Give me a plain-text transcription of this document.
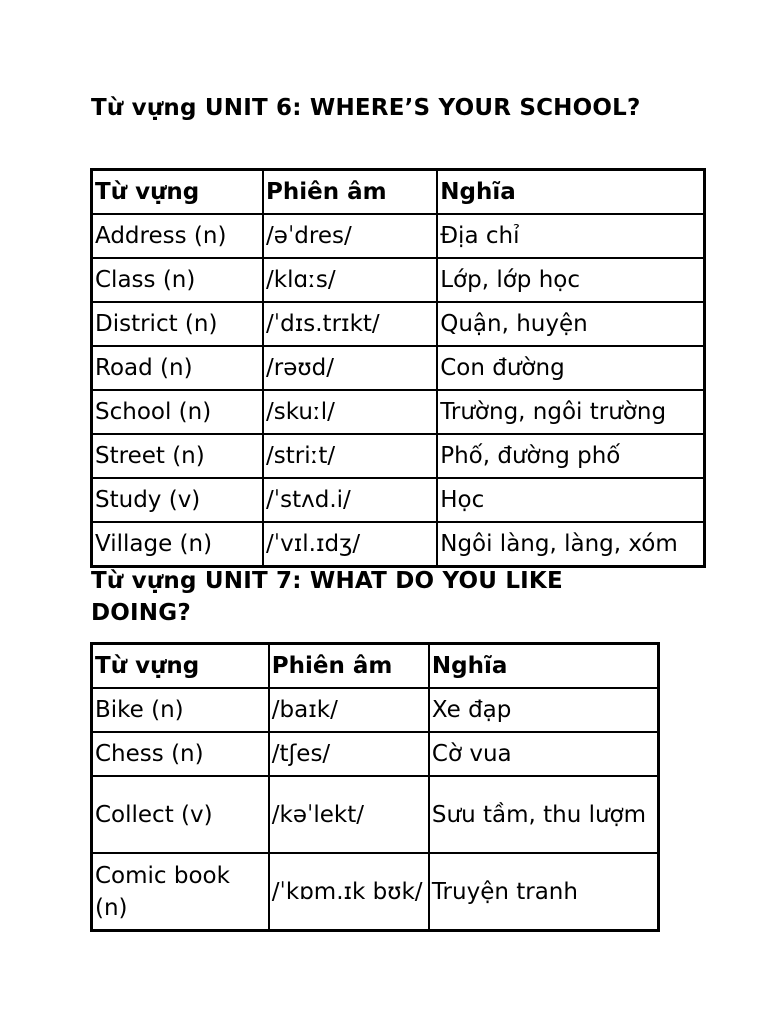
Từ vựng UNIT 6: WHERE’S YOUR SCHOOL?
Từ vựng	Phiên âm	Nghĩa
Address (n)	/əˈdres/	Địa chỉ
Class (n)	/klɑːs/	Lớp, lớp học
District (n)	/ˈdɪs.trɪkt/	Quận, huyện
Road (n)	/rəʊd/	Con đường
School (n)	/skuːl/	Trường, ngôi trường
Street (n)	/striːt/	Phố, đường phố
Study (v)	/ˈstʌd.i/	Học
Village (n)	/ˈvɪl.ɪdʒ/	Ngôi làng, làng, xóm
Từ vựng UNIT 7: WHAT DO YOU LIKE DOING?
Từ vựng	Phiên âm	Nghĩa
Bike (n)	/baɪk/	Xe đạp
Chess (n)	/tʃes/	Cờ vua
Collect (v)	/kəˈlekt/	Sưu tầm, thu lượm
Comic book (n)	/ˈkɒm.ɪk bʊk/	Truyện tranh
